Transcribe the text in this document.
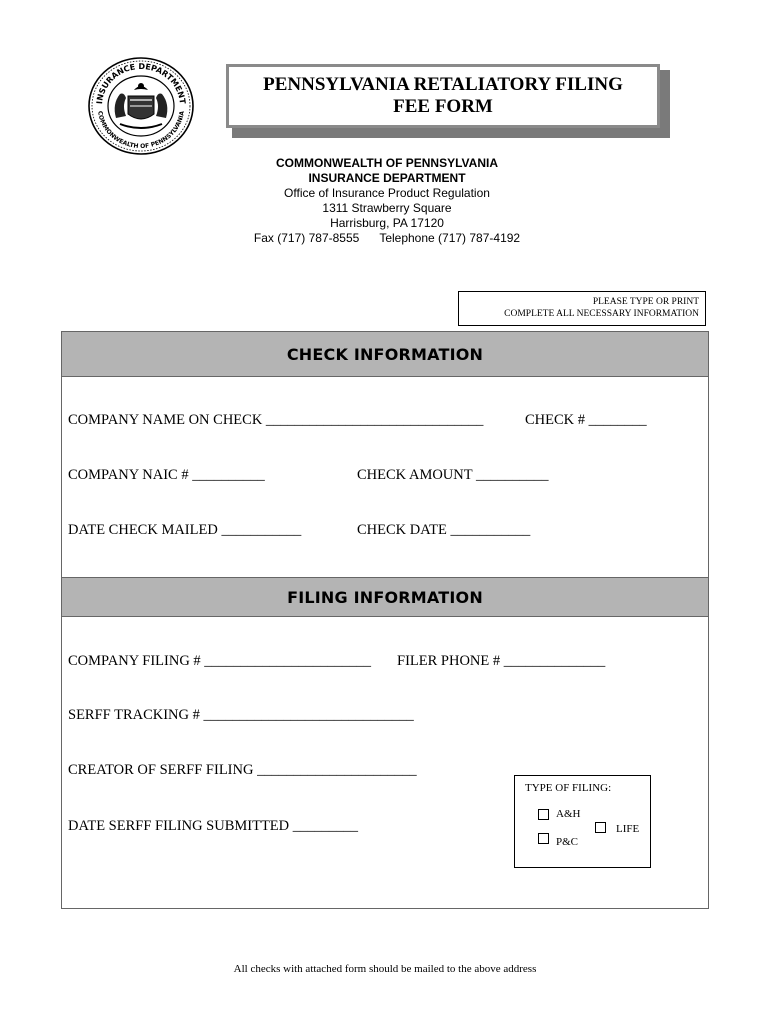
INSURANCE DEPARTMENT
COMMONWEALTH OF PENNSYLVANIA
PENNSYLVANIA RETALIATORY FILING FEE FORM
COMMONWEALTH OF PENNSYLVANIA
INSURANCE DEPARTMENT
Office of Insurance Product Regulation
1311 Strawberry Square
Harrisburg, PA 17120
Fax (717) 787-8555 Telephone (717) 787-4192
PLEASE TYPE OR PRINT
COMPLETE ALL NECESSARY INFORMATION
CHECK INFORMATION
COMPANY NAME ON CHECK ______________________________	CHECK # ________
COMPANY NAIC # __________	CHECK AMOUNT __________
DATE CHECK MAILED ___________	CHECK DATE ___________
FILING INFORMATION
COMPANY FILING # _______________________ FILER PHONE # ______________
SERFF TRACKING # _____________________________
CREATOR OF SERFF FILING ______________________
DATE SERFF FILING SUBMITTED _________
TYPE OF FILING:
A&H
P&C
LIFE
All checks with attached form should be mailed to the above address
